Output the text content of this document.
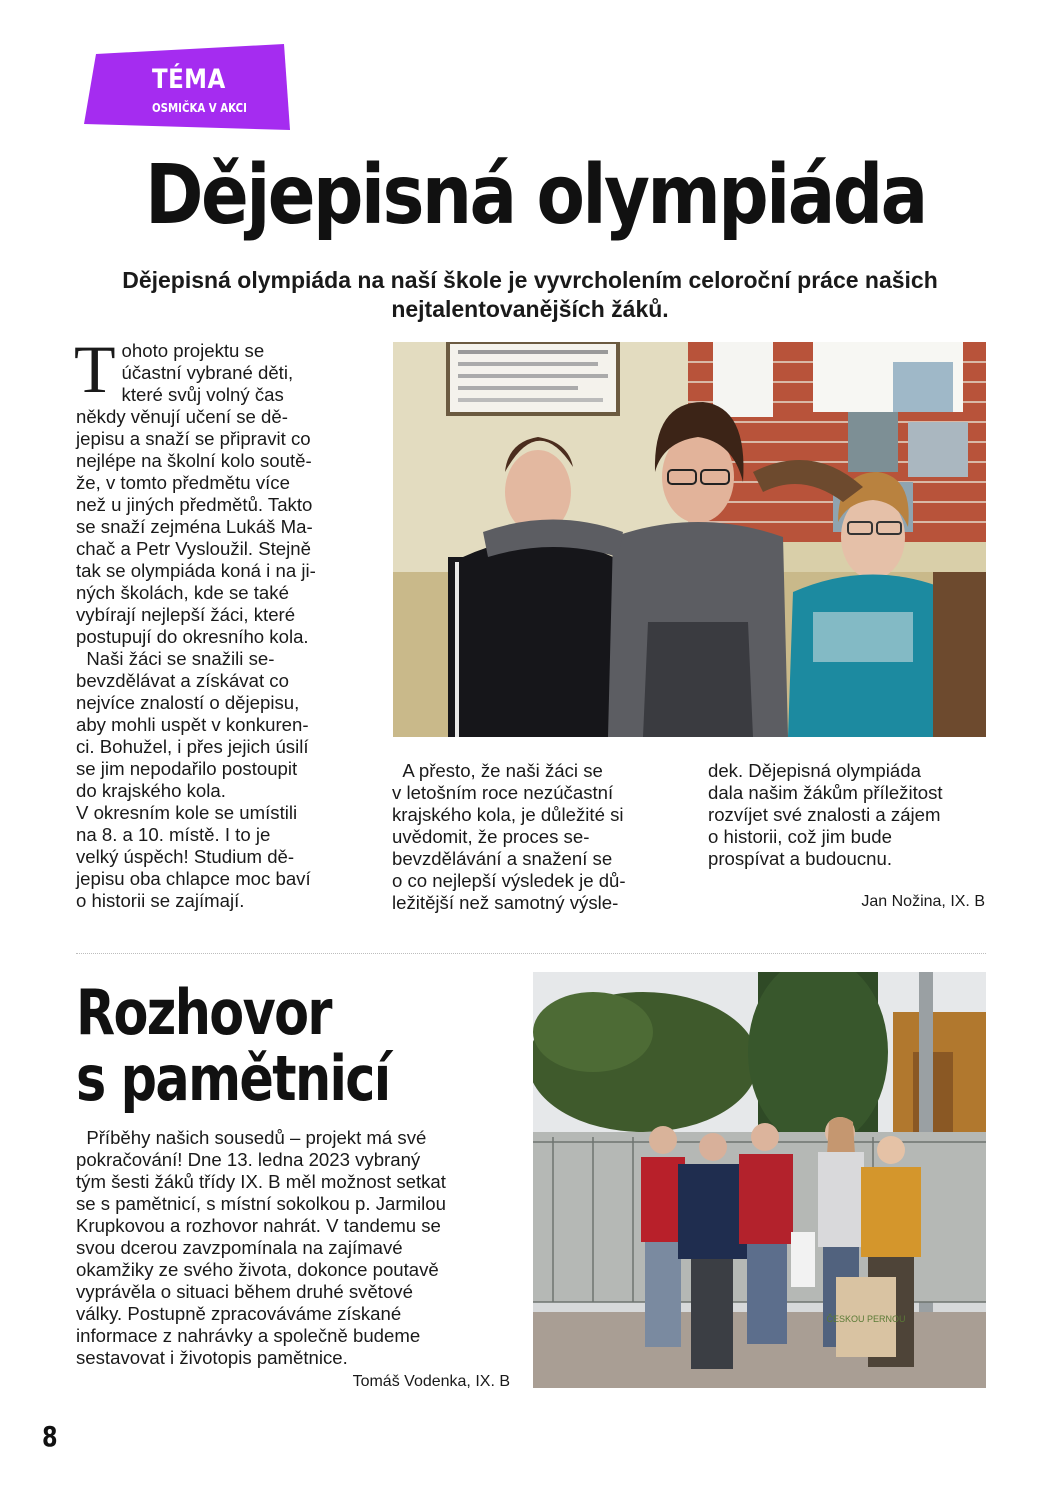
TÉMA
OSMIČKA V AKCI
Dějepisná olympiáda
Dějepisná olympiáda na naší škole je vyvrcholením celoroční práce našich nejtalentovanějších žáků.
T ohoto projektu se
účastní vybrané děti,
které svůj volný čas
někdy věnují učení se dě-
jepisu a snaží se připravit co
nejlépe na školní kolo soutě-
že, v tomto předmětu více
než u jiných předmětů. Takto
se snaží zejména Lukáš Ma-
chač a Petr Vysloužil. Stejně
tak se olympiáda koná i na ji-
ných školách, kde se také
vybírají nejlepší žáci, které
postupují do okresního kola.
Naši žáci se snažili se-
bevzdělávat a získávat co
nejvíce znalostí o dějepisu,
aby mohli uspět v konkuren-
ci. Bohužel, i přes jejich úsilí
se jim nepodařilo postoupit
do krajského kola.
V okresním kole se umístili
na 8. a 10. místě. I to je
velký úspěch! Studium dě-
jepisu oba chlapce moc baví
o historii se zajímají.
A přesto, že naši žáci se
v letošním roce nezúčastní
krajského kola, je důležité si
uvědomit, že proces se-
bevzdělávání a snažení se
o co nejlepší výsledek je dů-
ležitější než samotný výsle-
dek. Dějepisná olympiáda
dala našim žákům příležitost
rozvíjet své znalosti a zájem
o historii, což jim bude
prospívat a budoucnu.
Jan Nožina, IX. B
Rozhovor
s pamětnicí
Příběhy našich sousedů – projekt má své
pokračování! Dne 13. ledna 2023 vybraný
tým šesti žáků třídy IX. B měl možnost setkat
se s pamětnicí, s místní sokolkou p. Jarmilou
Krupkovou a rozhovor nahrát. V tandemu se
svou dcerou zavzpomínala na zajímavé
okamžiky ze svého života, dokonce poutavě
vyprávěla o situaci během druhé světové
války. Postupně zpracováváme získané
informace z nahrávky a společně budeme
sestavovat i životopis pamětnice.
Tomáš Vodenka, IX. B
ČESKOU PERNOU
8
